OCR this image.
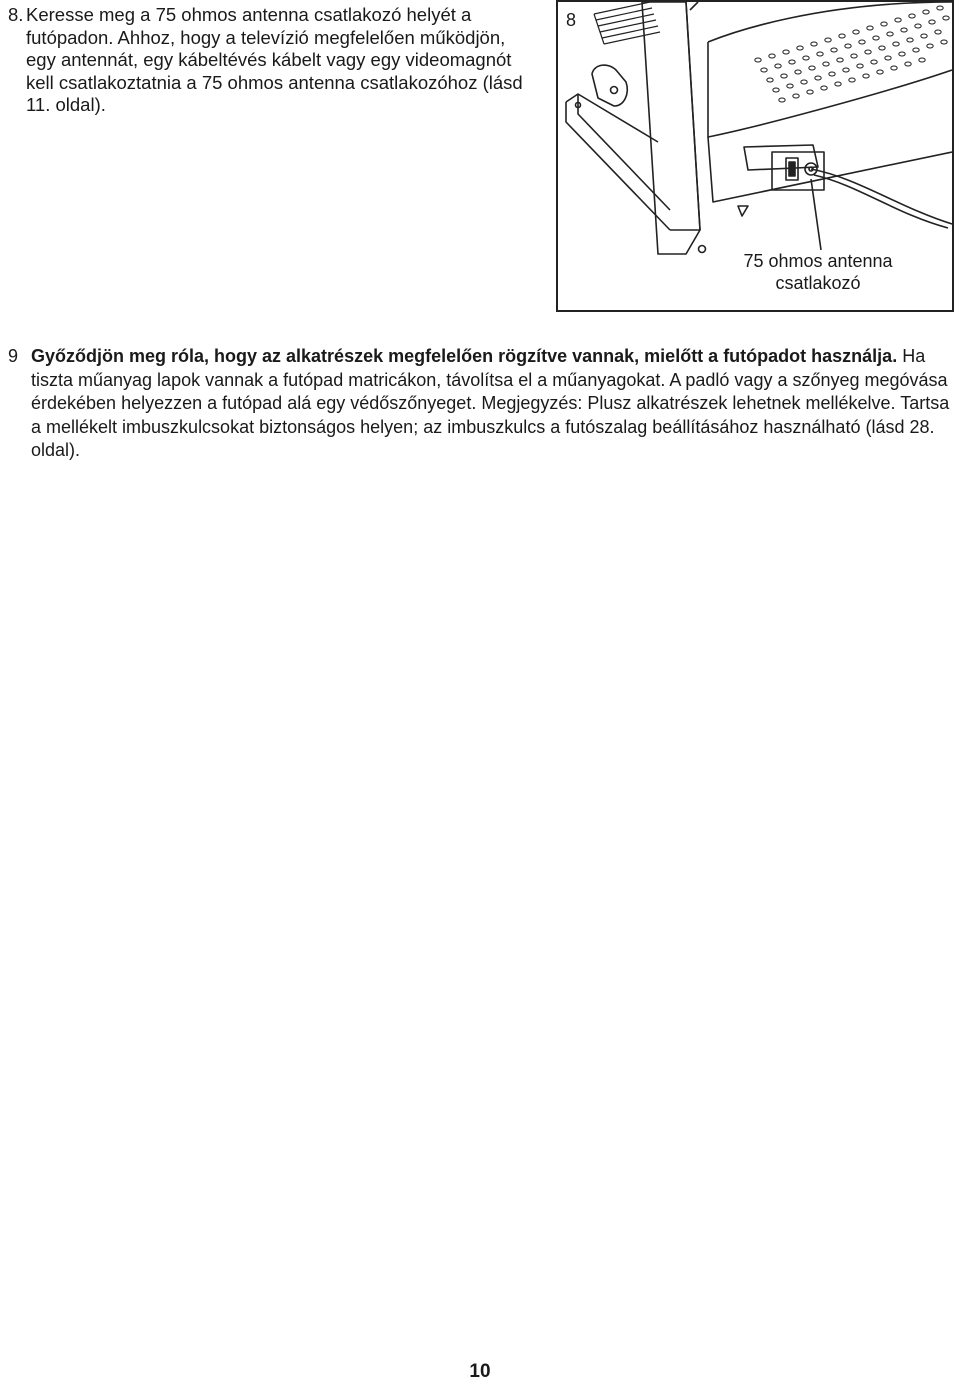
8. Keresse meg a 75 ohmos antenna csatlakozó helyét a futópadon. Ahhoz, hogy a televízió megfelelően működjön, egy antennát, egy kábeltévés kábelt vagy egy videomagnót kell csatlakoztatnia a 75 ohmos antenna csatlakozóhoz (lásd 11. oldal).
8
75 ohmos antenna
csatlakozó
9 Győződjön meg róla, hogy az alkatrészek megfelelően rögzítve vannak, mielőtt a futópadot használja. Ha tiszta műanyag lapok vannak a futópad matricákon, távolítsa el a műanyagokat. A padló vagy a szőnyeg megóvása érdekében helyezzen a futópad alá egy védőszőnyeget. Megjegyzés: Plusz alkatrészek lehetnek mellékelve. Tartsa a mellékelt imbuszkulcsokat biztonságos helyen; az imbuszkulcs a futószalag beállításához használható (lásd 28. oldal).
10
